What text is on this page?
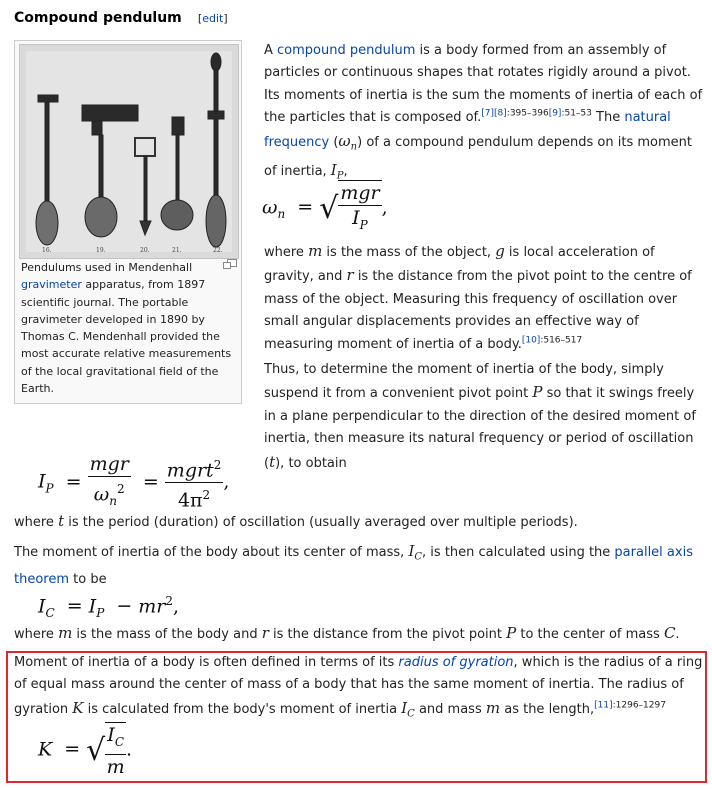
Compound pendulum [edit]
16.	19.	20.	21.	22.
Pendulums used in Mendenhall gravimeter apparatus, from 1897 scientific journal. The portable gravimeter developed in 1890 by Thomas C. Mendenhall provided the most accurate relative measurements of the local gravitational field of the Earth.

A compound pendulum is a body formed from an assembly of particles or continuous shapes that rotates rigidly around a pivot. Its moments of inertia is the sum the moments of inertia of each of the particles that is composed of.$^{[7][8]:395-396[9]:51-53}$ The natural frequency $(\omega_n)$ of a compound pendulum depends on its moment of inertia, $I_P$,

$\omega_n$ = √ $\frac{\text{mgr}}{I_P}$ ,

where m is the mass of the object, g is local acceleration of gravity, and r is the distance from the pivot point to the centre of mass of the object. Measuring this frequency of oscillation over small angular displacements provides an effective way of measuring moment of inertia of a body.$^{[10]:516-517}$

Thus, to determine the moment of inertia of the body, simply suspend it from a convenient pivot point P so that it swings freely in a plane perpendicular to the direction of the desired moment of inertia, then measure its natural frequency or period of oscillation (t), to obtain

$I_P = \frac{\text{mgr}}{\omega_n^2} = \frac{mgrt^2}{4\pi^2}$ ,

where t is the period (duration) of oscillation (usually averaged over multiple periods).

The moment of inertia of the body about its center of mass, $I_C$, is then calculated using the parallel axis theorem to be

$I_C = I_P - mr^2$,

where m is the mass of the body and r is the distance from the pivot point P to the center of mass C.

Moment of inertia of a body is often defined in terms of its radius of gyration, which is the radius of a ring of equal mass around the center of mass of a body that has the same moment of inertia. The radius of gyration K is calculated from the body's moment of inertia $I_C$ and mass m as the length,$^{[11]:1296-1297}$

K = √ $\frac{I_C}{m}$ .
